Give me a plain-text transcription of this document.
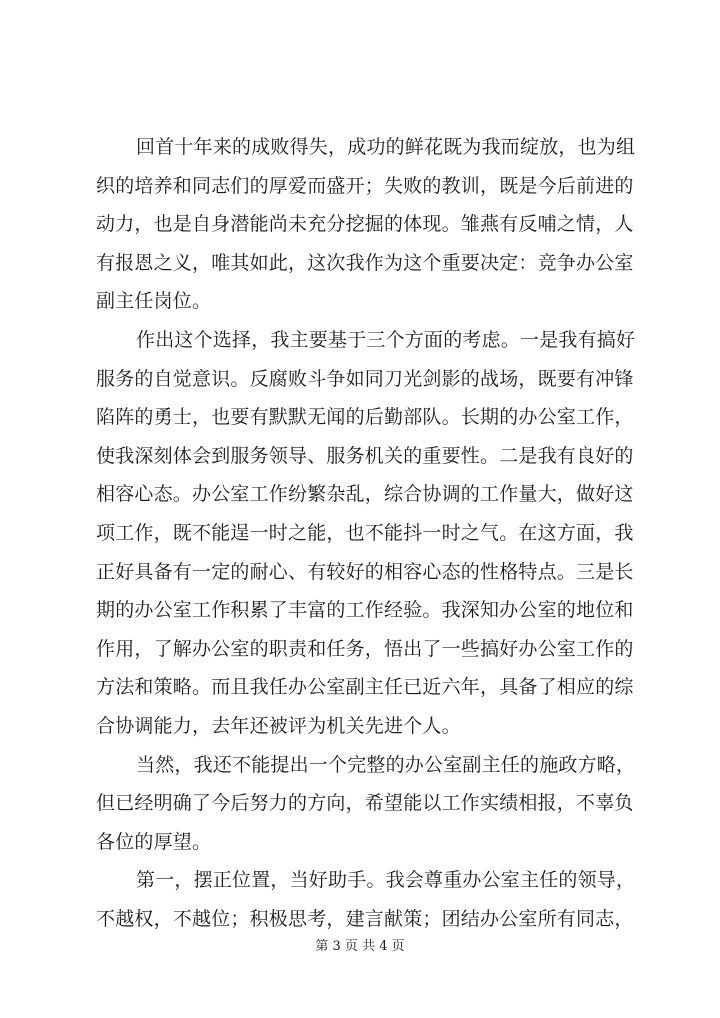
回首十年来的成败得失，成功的鲜花既为我而绽放，也为组
织的培养和同志们的厚爱而盛开；失败的教训，既是今后前进的
动力，也是自身潜能尚未充分挖掘的体现。雏燕有反哺之情，人
有报恩之义，唯其如此，这次我作为这个重要决定：竞争办公室
副主任岗位。
作出这个选择，我主要基于三个方面的考虑。一是我有搞好
服务的自觉意识。反腐败斗争如同刀光剑影的战场，既要有冲锋
陷阵的勇士，也要有默默无闻的后勤部队。长期的办公室工作，
使我深刻体会到服务领导、服务机关的重要性。二是我有良好的
相容心态。办公室工作纷繁杂乱，综合协调的工作量大，做好这
项工作，既不能逞一时之能，也不能抖一时之气。在这方面，我
正好具备有一定的耐心、有较好的相容心态的性格特点。三是长
期的办公室工作积累了丰富的工作经验。我深知办公室的地位和
作用，了解办公室的职责和任务，悟出了一些搞好办公室工作的
方法和策略。而且我任办公室副主任已近六年，具备了相应的综
合协调能力，去年还被评为机关先进个人。
当然，我还不能提出一个完整的办公室副主任的施政方略，
但已经明确了今后努力的方向，希望能以工作实绩相报，不辜负
各位的厚望。
第一，摆正位置，当好助手。我会尊重办公室主任的领导，
不越权，不越位；积极思考，建言献策；团结办公室所有同志，
第 3 页 共 4 页
